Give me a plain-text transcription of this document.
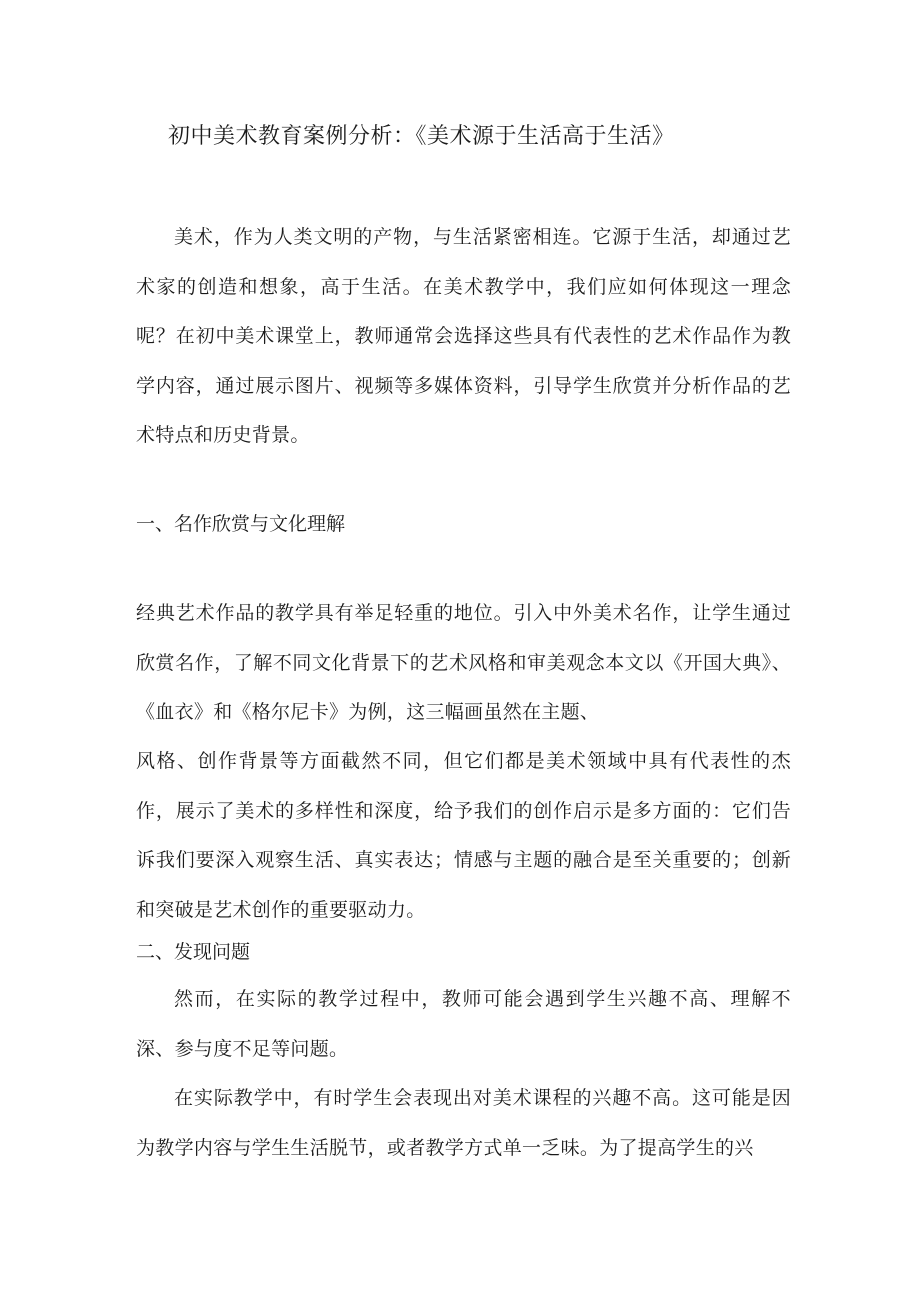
初中美术教育案例分析：《美术源于生活高于生活》

美术，作为人类文明的产物，与生活紧密相连。它源于生活，却通过艺术家的创造和想象，高于生活。在美术教学中，我们应如何体现这一理念呢？在初中美术课堂上，教师通常会选择这些具有代表性的艺术作品作为教学内容，通过展示图片、视频等多媒体资料，引导学生欣赏并分析作品的艺术特点和历史背景。

一、名作欣赏与文化理解

经典艺术作品的教学具有举足轻重的地位。引入中外美术名作，让学生通过欣赏名作，了解不同文化背景下的艺术风格和审美观念本文以《开国大典》、《血衣》和《格尔尼卡》为例，这三幅画虽然在主题、

风格、创作背景等方面截然不同，但它们都是美术领域中具有代表性的杰作，展示了美术的多样性和深度，给予我们的创作启示是多方面的：它们告诉我们要深入观察生活、真实表达；情感与主题的融合是至关重要的；创新和突破是艺术创作的重要驱动力。

二、发现问题

然而，在实际的教学过程中，教师可能会遇到学生兴趣不高、理解不深、参与度不足等问题。

在实际教学中，有时学生会表现出对美术课程的兴趣不高。这可能是因为教学内容与学生生活脱节，或者教学方式单一乏味。为了提高学生的兴
